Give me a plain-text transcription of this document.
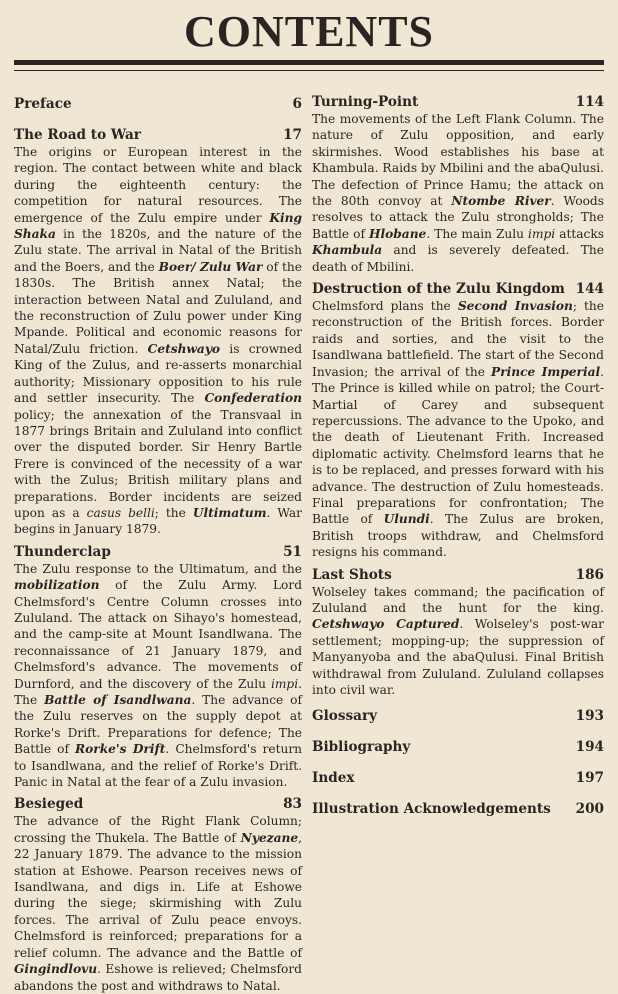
CONTENTS
Preface	6
The Road to War	17

The origins or European interest in the region. The contact between white and black during the eighteenth century: the competition for natural resources. The emergence of the Zulu empire under King Shaka in the 1820s, and the nature of the Zulu state. The arrival in Natal of the British and the Boers, and the Boer/ Zulu War of the 1830s. The British annex Natal; the interaction between Natal and Zululand, and the reconstruction of Zulu power under King Mpande. Political and economic reasons for Natal/Zulu friction. Cetshwayo is crowned King of the Zulus, and re-asserts monarchial authority; Missionary opposition to his rule and settler insecurity. The Confederation policy; the annexation of the Transvaal in 1877 brings Britain and Zululand into conflict over the disputed border. Sir Henry Bartle Frere is convinced of the necessity of a war with the Zulus; British military plans and preparations. Border incidents are seized upon as a casus belli; the Ultimatum. War begins in January 1879.

Thunderclap	51

The Zulu response to the Ultimatum, and the mobilization of the Zulu Army. Lord Chelmsford's Centre Column crosses into Zululand. The attack on Sihayo's homestead, and the camp-site at Mount Isandlwana. The reconnaissance of 21 January 1879, and Chelmsford's advance. The movements of Durnford, and the discovery of the Zulu impi. The Battle of Isandlwana. The advance of the Zulu reserves on the supply depot at Rorke's Drift. Preparations for defence; The Battle of Rorke's Drift. Chelmsford's return to Isandlwana, and the relief of Rorke's Drift. Panic in Natal at the fear of a Zulu invasion.

Besieged	83

The advance of the Right Flank Column; crossing the Thukela. The Battle of Nyezane, 22 January 1879. The advance to the mission station at Eshowe. Pearson receives news of Isandlwana, and digs in. Life at Eshowe during the siege; skirmishing with Zulu forces. The arrival of Zulu peace envoys. Chelmsford is reinforced; preparations for a relief column. The advance and the Battle of Gingindlovu. Eshowe is relieved; Chelmsford abandons the post and withdraws to Natal.

Turning-Point	114

The movements of the Left Flank Column. The nature of Zulu opposition, and early skirmishes. Wood establishes his base at Khambula. Raids by Mbilini and the abaQulusi. The defection of Prince Hamu; the attack on the 80th convoy at Ntombe River. Woods resolves to attack the Zulu strongholds; The Battle of Hlobane. The main Zulu impi attacks Khambula and is severely defeated. The death of Mbilini.

Destruction of the Zulu Kingdom 144

Chelmsford plans the Second Invasion; the reconstruction of the British forces. Border raids and sorties, and the visit to the Isandlwana battlefield. The start of the Second Invasion; the arrival of the Prince Imperial. The Prince is killed while on patrol; the Court-Martial of Carey and subsequent repercussions. The advance to the Upoko, and the death of Lieutenant Frith. Increased diplomatic activity. Chelmsford learns that he is to be replaced, and presses forward with his advance. The destruction of Zulu homesteads. Final preparations for confrontation; The Battle of Ulundi. The Zulus are broken, British troops withdraw, and Chelmsford resigns his command.

Last Shots	186

Wolseley takes command; the pacification of Zululand and the hunt for the king. Cetshwayo Captured. Wolseley's post-war settlement; mopping-up; the suppression of Manyanyoba and the abaQulusi. Final British withdrawal from Zululand. Zululand collapses into civil war.

Glossary	193
Bibliography	194
Index	197
Illustration Acknowledgements 200
